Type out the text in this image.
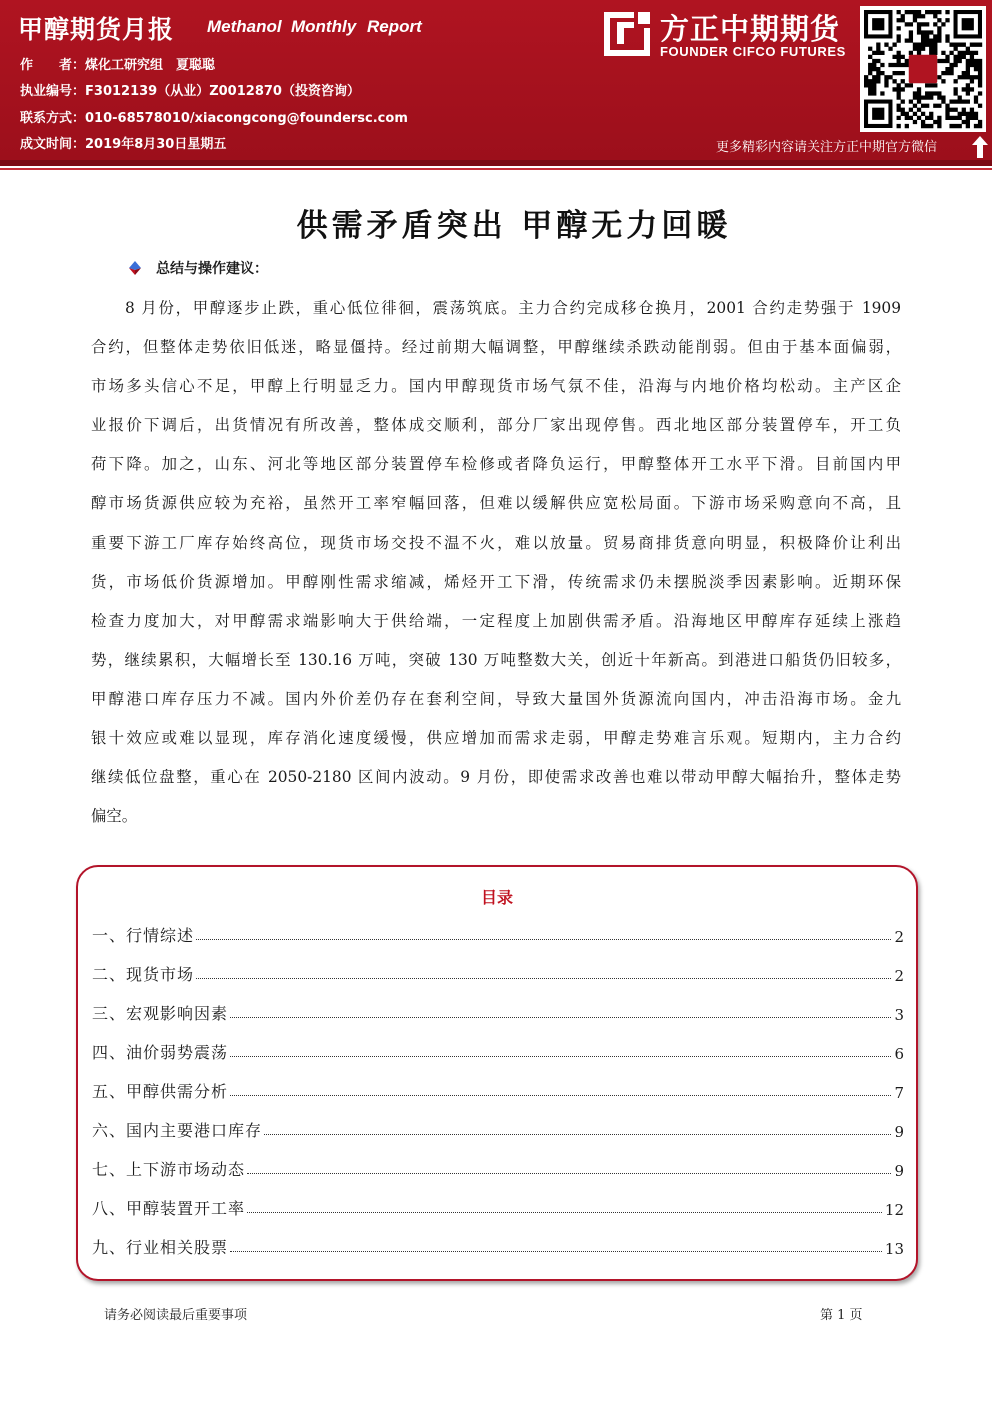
甲醇期货月报 Methanol Monthly Report
作　　者：煤化工研究组　夏聪聪
执业编号：F3012139（从业）Z0012870（投资咨询）
联系方式：010-68578010/xiacongcong@foundersc.com
成文时间：2019年8月30日星期五
方正中期期货
FOUNDER CIFCO FUTURES
更多精彩内容请关注方正中期官方微信
供需矛盾突出 甲醇无力回暖
总结与操作建议：
8 月份，甲醇逐步止跌，重心低位徘徊，震荡筑底。主力合约完成移仓换月，2001 合约走势强于 1909
合约，但整体走势依旧低迷，略显僵持。经过前期大幅调整，甲醇继续杀跌动能削弱。但由于基本面偏弱，
市场多头信心不足，甲醇上行明显乏力。国内甲醇现货市场气氛不佳，沿海与内地价格均松动。主产区企
业报价下调后，出货情况有所改善，整体成交顺利，部分厂家出现停售。西北地区部分装置停车，开工负
荷下降。加之，山东、河北等地区部分装置停车检修或者降负运行，甲醇整体开工水平下滑。目前国内甲
醇市场货源供应较为充裕，虽然开工率窄幅回落，但难以缓解供应宽松局面。下游市场采购意向不高，且
重要下游工厂库存始终高位，现货市场交投不温不火，难以放量。贸易商排货意向明显，积极降价让利出
货，市场低价货源增加。甲醇刚性需求缩减，烯烃开工下滑，传统需求仍未摆脱淡季因素影响。近期环保
检查力度加大，对甲醇需求端影响大于供给端，一定程度上加剧供需矛盾。沿海地区甲醇库存延续上涨趋
势，继续累积，大幅增长至 130.16 万吨，突破 130 万吨整数大关，创近十年新高。到港进口船货仍旧较多，
甲醇港口库存压力不减。国内外价差仍存在套利空间，导致大量国外货源流向国内，冲击沿海市场。金九
银十效应或难以显现，库存消化速度缓慢，供应增加而需求走弱，甲醇走势难言乐观。短期内，主力合约
继续低位盘整，重心在 2050-2180 区间内波动。9 月份，即使需求改善也难以带动甲醇大幅抬升，整体走势
偏空。
目录
一、行情综述	2
二、现货市场	2
三、宏观影响因素	3
四、油价弱势震荡	6
五、甲醇供需分析	7
六、国内主要港口库存	9
七、上下游市场动态	9
八、甲醇装置开工率	12
九、行业相关股票	13
请务必阅读最后重要事项	第 1 页
